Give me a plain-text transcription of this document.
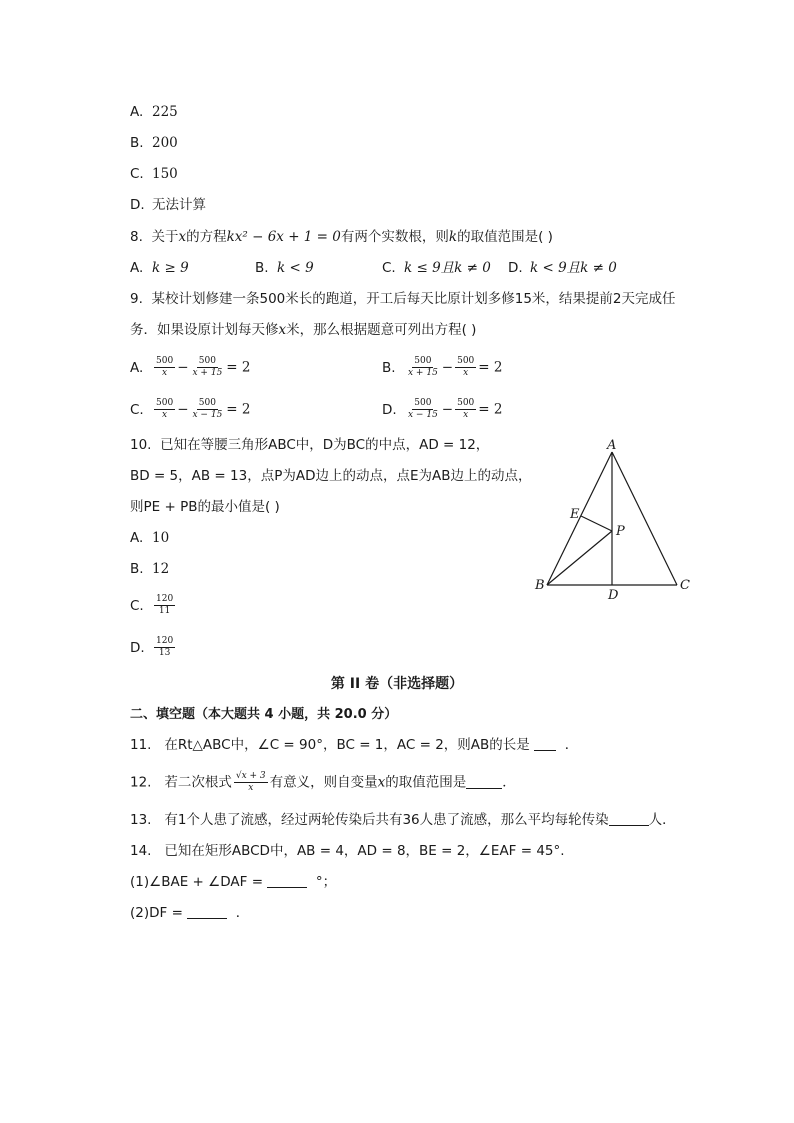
A. 225
B. 200
C. 150
D. 无法计算
8. 关于x的方程kx² − 6x + 1 = 0有两个实数根，则k的取值范围是( )
A. k ≥ 9	B. k < 9	C. k ≤ 9且k ≠ 0 D. k < 9且k ≠ 0
9. 某校计划修建一条500米长的跑道，开工后每天比原计划多修15米，结果提前2天完成任
务．如果设原计划每天修x米，那么根据题意可列出方程( )
A. $\frac{500}{x} - \frac{500}{x + 15} = 2$	B. $\frac{500}{x + 15} - \frac{500}{x} = 2$
C. $\frac{500}{x} - \frac{500}{x - 15} = 2$	D. $\frac{500}{x - 15} - \frac{500}{x} = 2$
10. 已知在等腰三角形ABC中，D为BC的中点，AD = 12，
BD = 5，AB = 13，点P为AD边上的动点，点E为AB边上的动点，
则PE + PB的最小值是( )
A. 10
B. 12
C. $\frac{120}{11}$
D. $\frac{120}{13}$
A
B	C
D
E
P
第 II 卷（非选择题）
二、填空题（本大题共 4 小题，共 20.0 分）
11. 在Rt△ABC中，∠C = 90°，BC = 1，AC = 2，则AB的长是	．
12. 若二次根式 $\frac{√x + 3}{x}$ 有意义，则自变量x的取值范围是	．
13. 有1个人患了流感，经过两轮传染后共有36人患了流感，那么平均每轮传染	人．
14. 已知在矩形ABCD中，AB = 4，AD = 8，BE = 2，∠EAF = 45°.
(1)∠BAE + ∠DAF =	°；
(2)DF =	．
